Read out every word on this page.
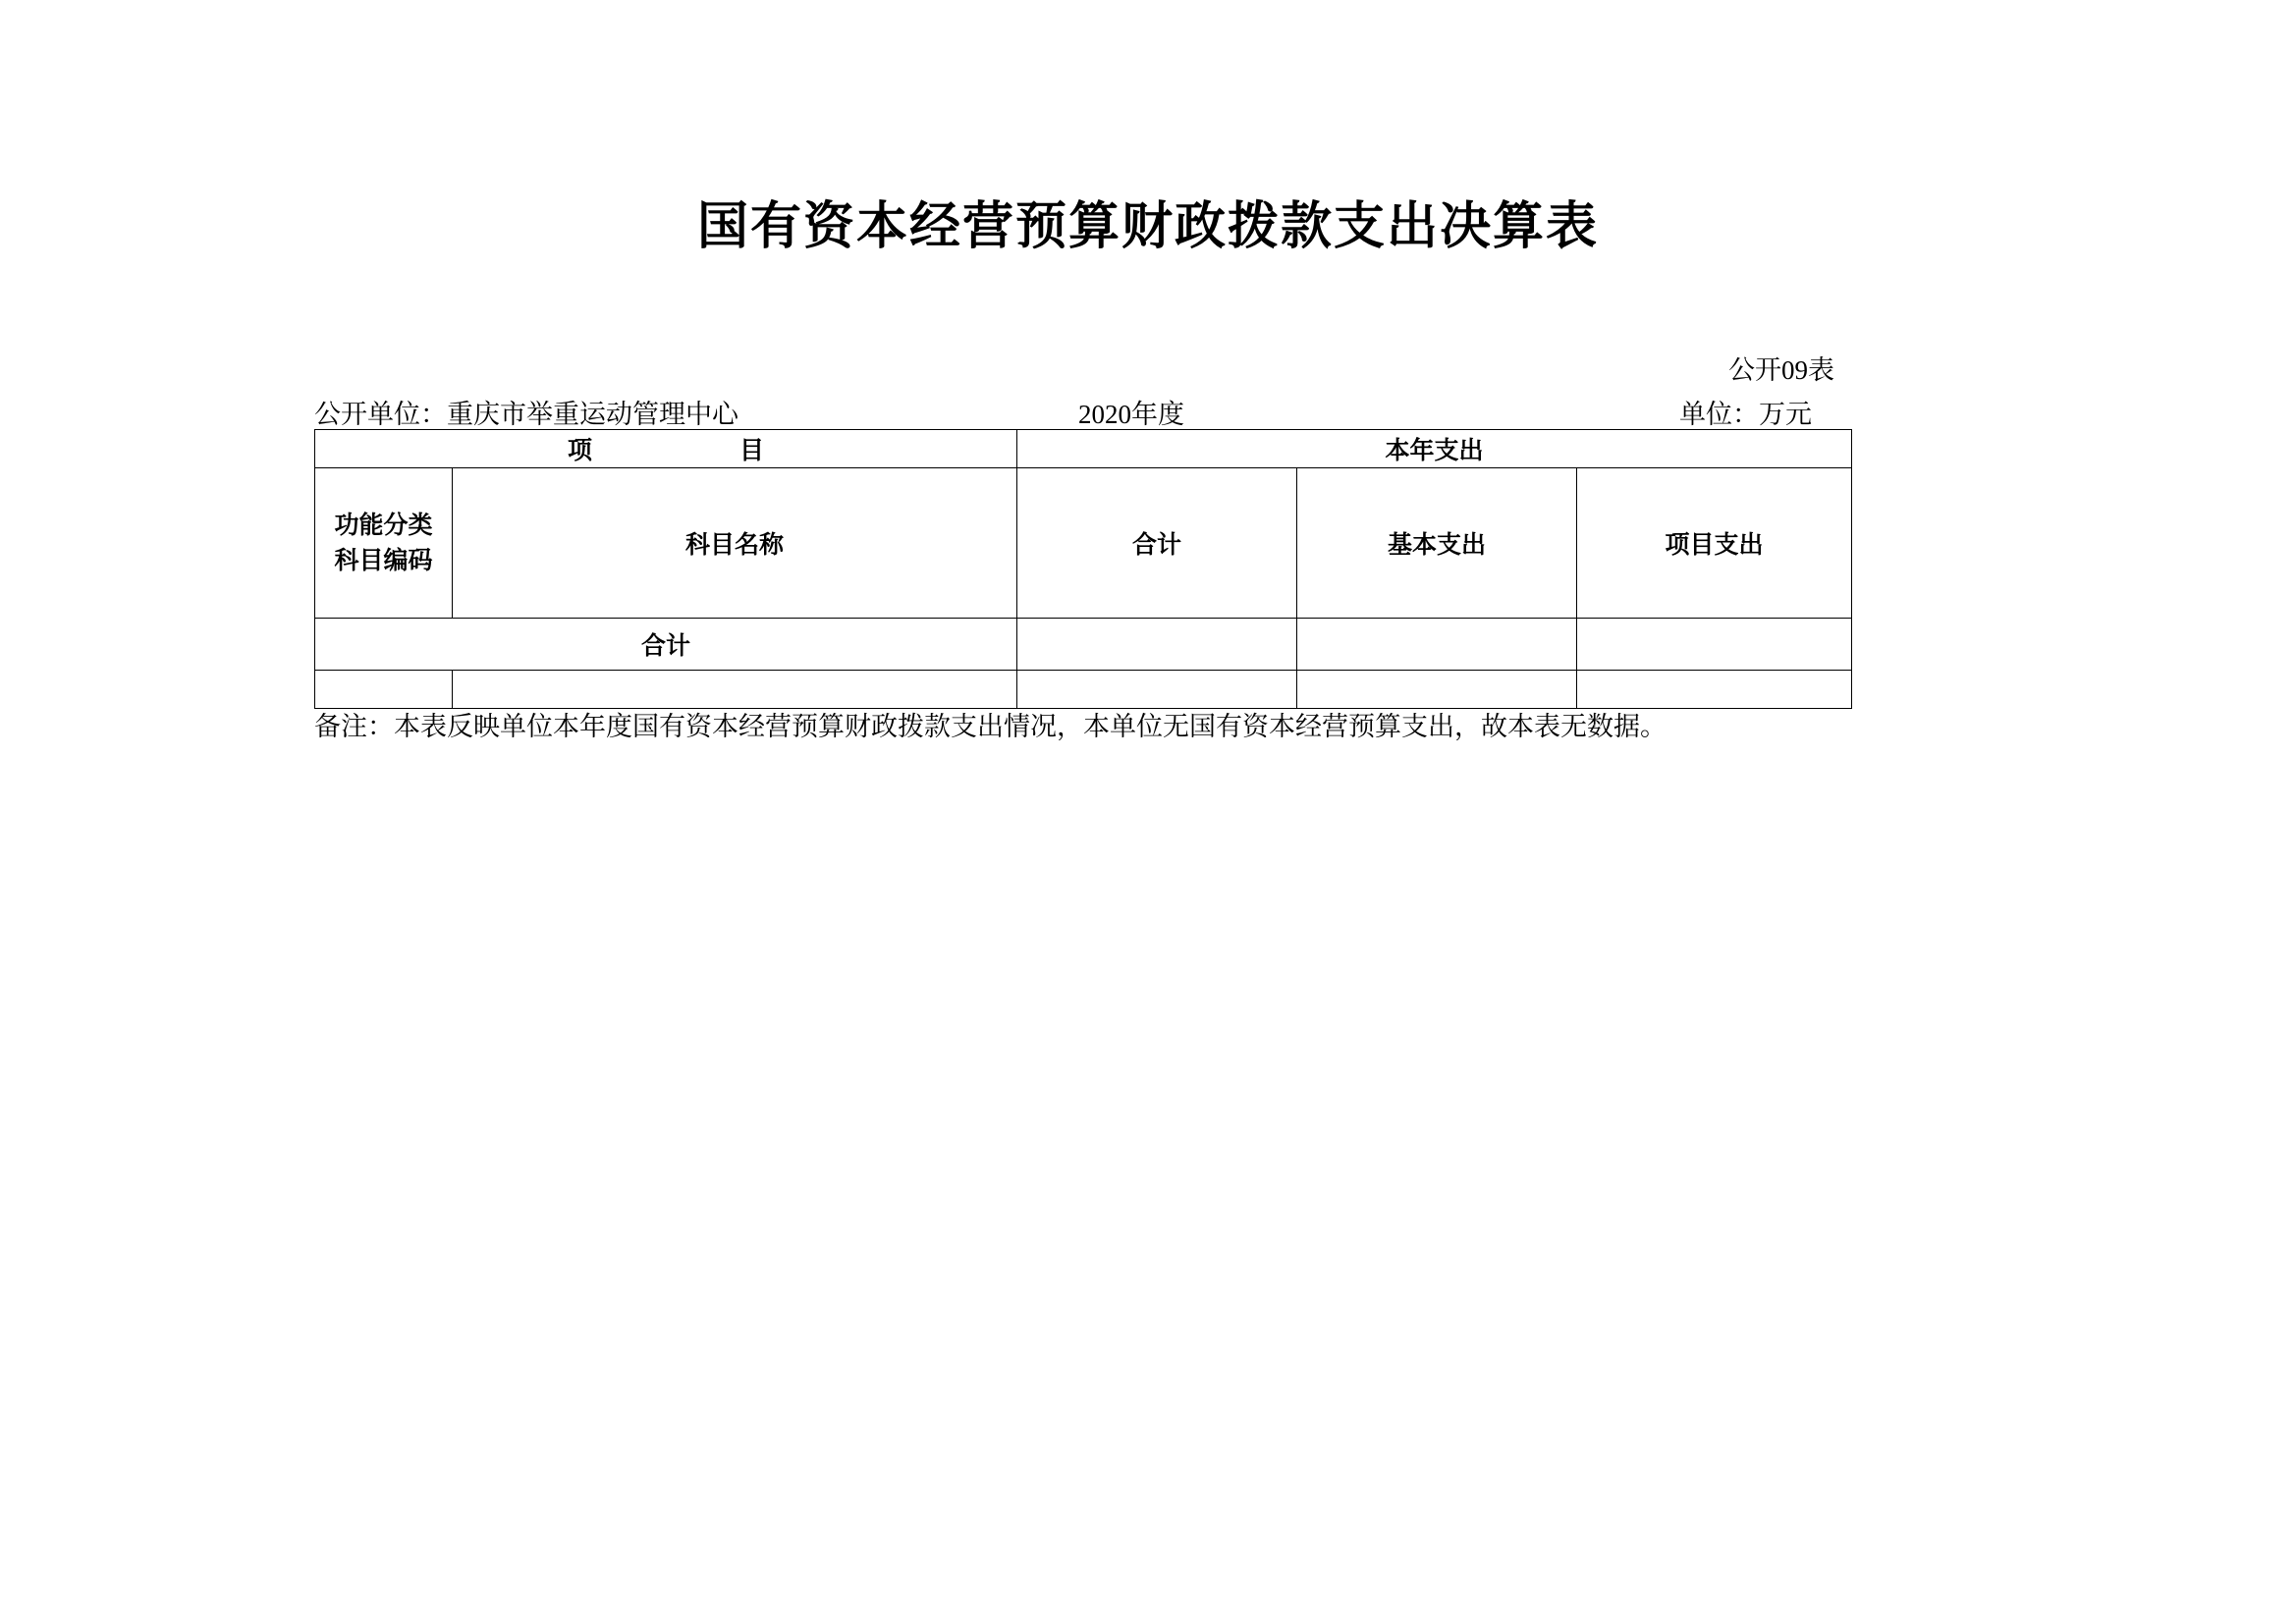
国有资本经营预算财政拨款支出决算表
公开09表
公开单位：重庆市举重运动管理中心	2020年度	单位：万元
项 目		本年支出		

功能分类
科目编码	科目名称	合计	基本支出	项目支出
合计				

备注：本表反映单位本年度国有资本经营预算财政拨款支出情况，本单位无国有资本经营预算支出，故本表无数据。
